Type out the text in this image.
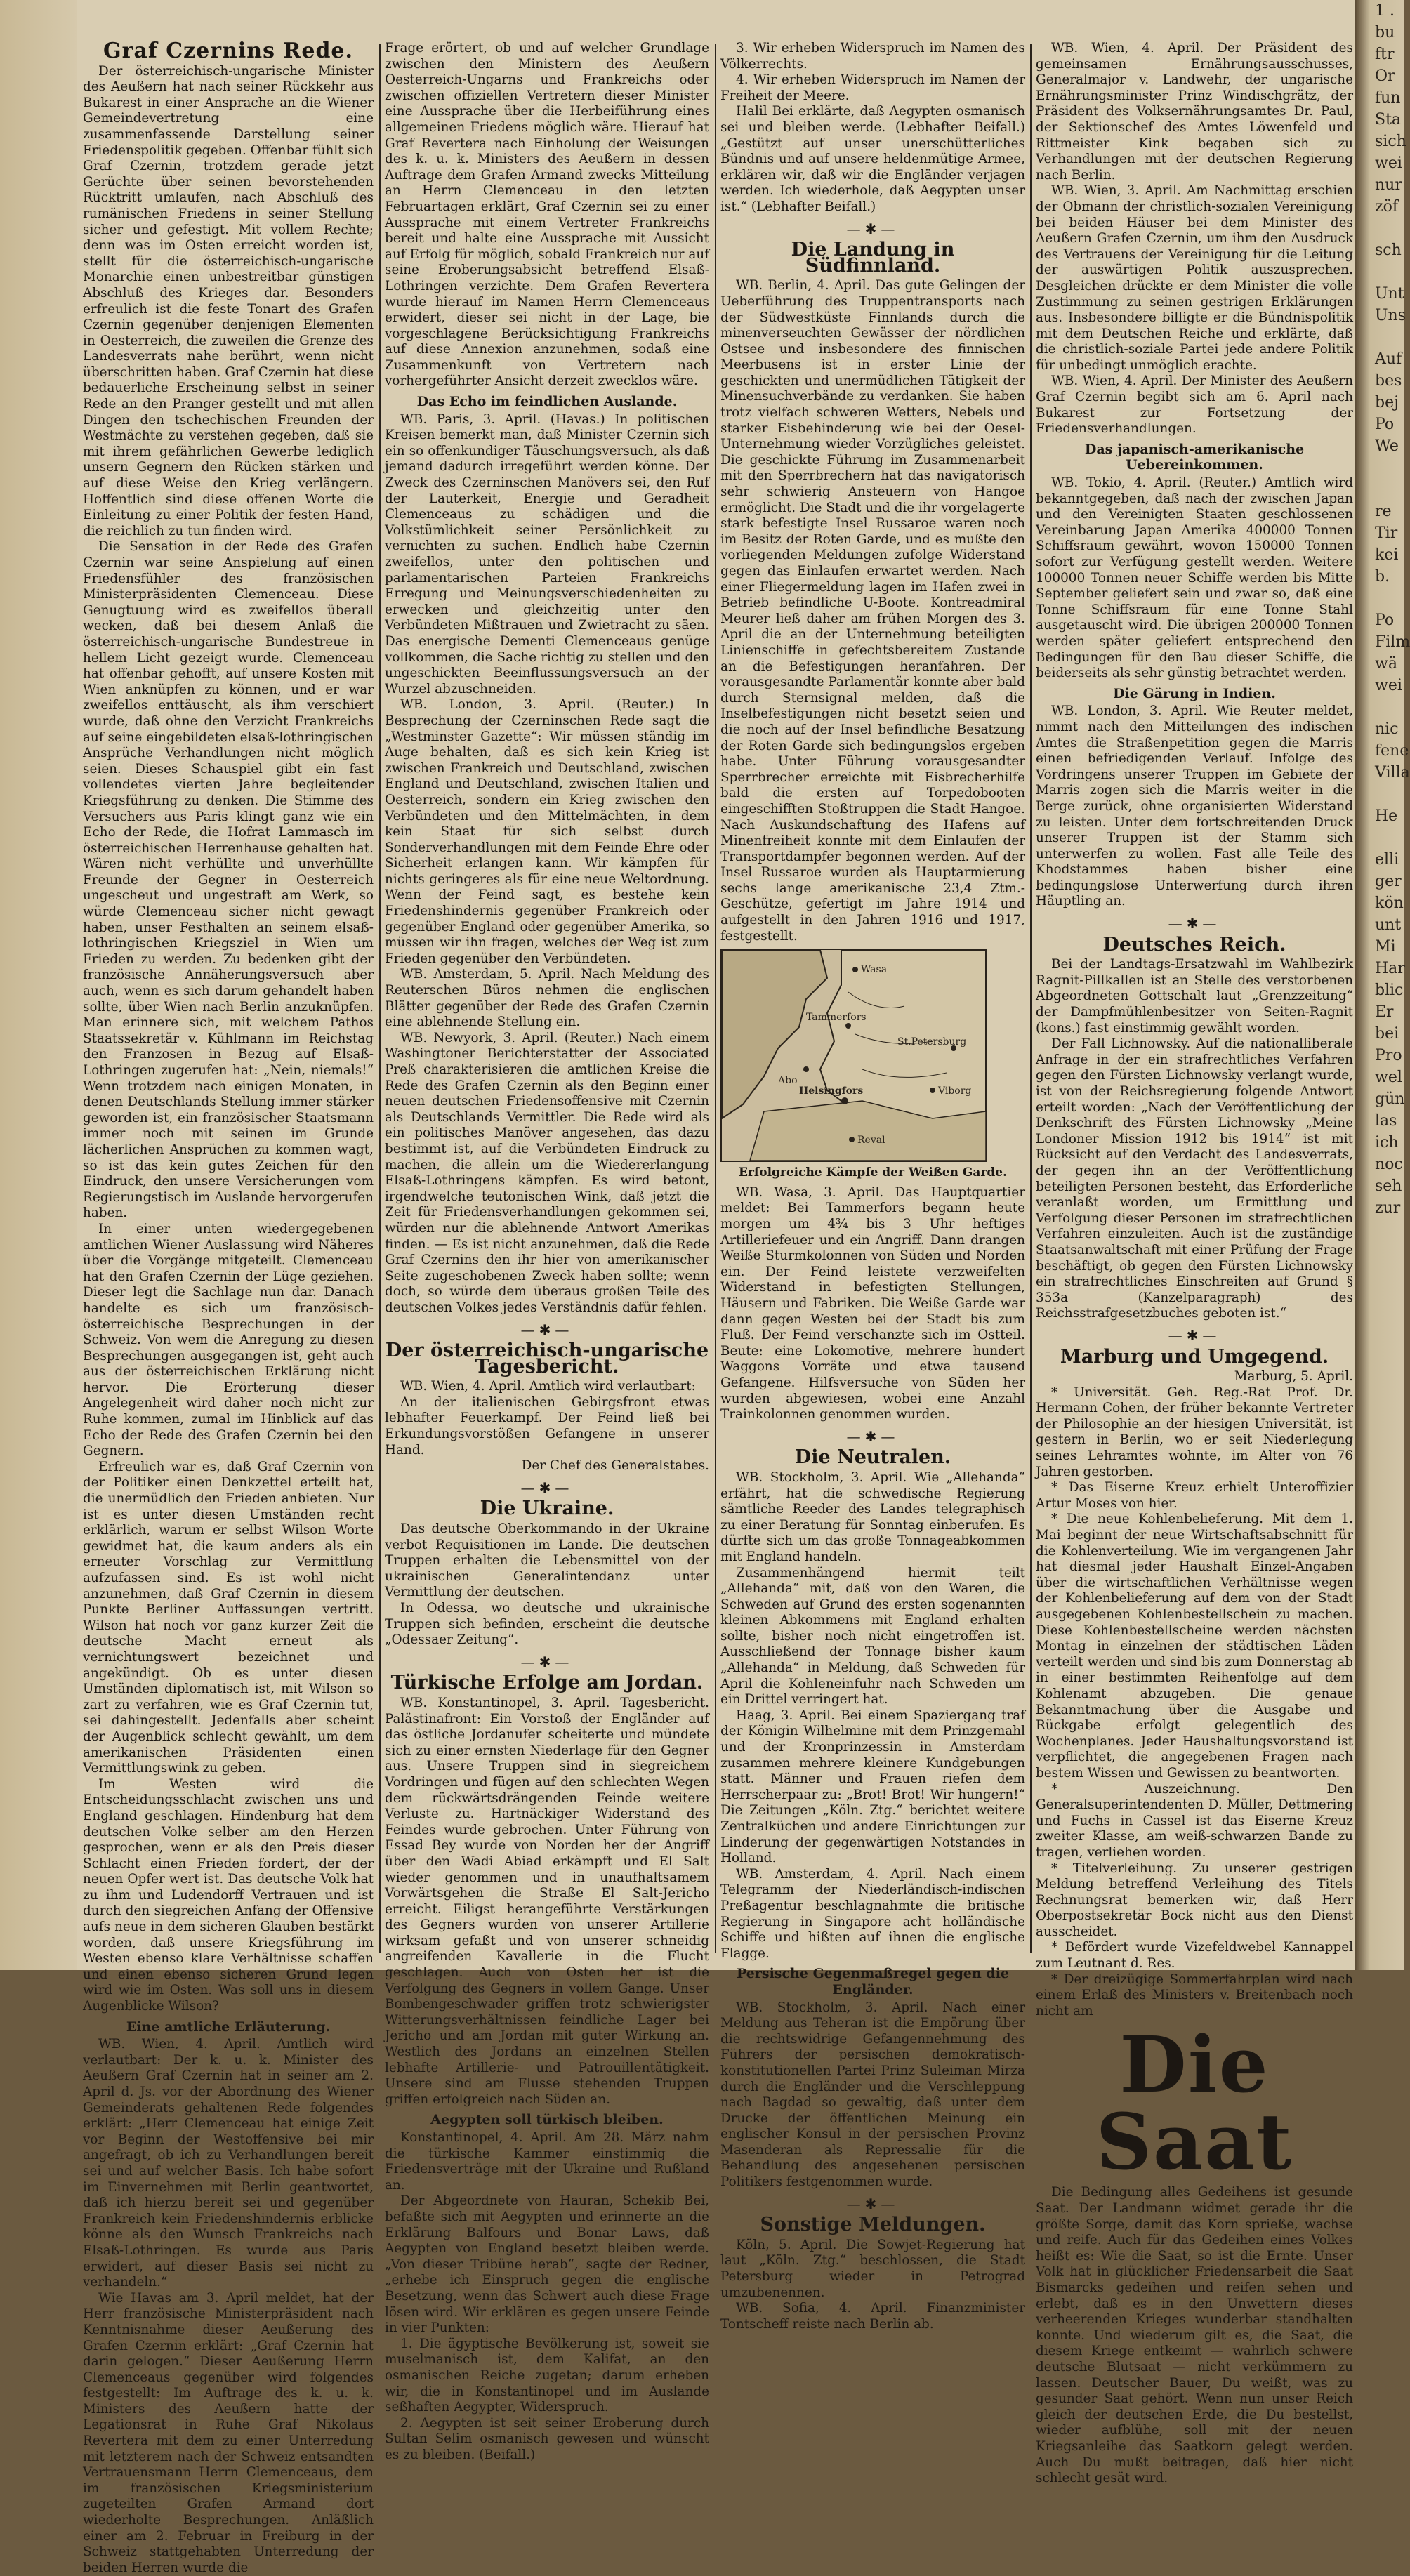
Graf Czernins Rede.

Der österreichisch-ungarische Minister des Aeußern hat nach seiner Rückkehr aus Bukarest in einer Ansprache an die Wiener Gemeindevertretung eine zusammenfassende Darstellung seiner Friedenspolitik gegeben. Offenbar fühlt sich Graf Czernin, trotzdem gerade jetzt Gerüchte über seinen bevorstehenden Rücktritt umlaufen, nach Abschluß des rumänischen Friedens in seiner Stellung sicher und gefestigt. Mit vollem Rechte; denn was im Osten erreicht worden ist, stellt für die österreichisch-ungarische Monarchie einen unbestreitbar günstigen Abschluß des Krieges dar. Besonders erfreulich ist die feste Tonart des Grafen Czernin gegenüber denjenigen Elementen in Oesterreich, die zuweilen die Grenze des Landesverrats nahe berührt, wenn nicht überschritten haben. Graf Czernin hat diese bedauerliche Erscheinung selbst in seiner Rede an den Pranger gestellt und mit allen Dingen den tschechischen Freunden der Westmächte zu verstehen gegeben, daß sie mit ihrem gefährlichen Gewerbe lediglich unsern Gegnern den Rücken stärken und auf diese Weise den Krieg verlängern. Hoffentlich sind diese offenen Worte die Einleitung zu einer Politik der festen Hand, die reichlich zu tun finden wird.

Die Sensation in der Rede des Grafen Czernin war seine Anspielung auf einen Friedensfühler des französischen Ministerpräsidenten Clemenceau. Diese Genugtuung wird es zweifellos überall wecken, daß bei diesem Anlaß die österreichisch-ungarische Bundestreue in hellem Licht gezeigt wurde. Clemenceau hat offenbar gehofft, auf unsere Kosten mit Wien anknüpfen zu können, und er war zweifellos enttäuscht, als ihm verschiert wurde, daß ohne den Verzicht Frankreichs auf seine eingebildeten elsaß-lothringischen Ansprüche Verhandlungen nicht möglich seien. Dieses Schauspiel gibt ein fast vollendetes vierten Jahre begleitender Kriegsführung zu denken. Die Stimme des Versuchers aus Paris klingt ganz wie ein Echo der Rede, die Hofrat Lammasch im österreichischen Herrenhause gehalten hat. Wären nicht verhüllte und unverhüllte Freunde der Gegner in Oesterreich ungescheut und ungestraft am Werk, so würde Clemenceau sicher nicht gewagt haben, unser Festhalten an seinem elsaß-lothringischen Kriegsziel in Wien um Frieden zu werden. Zu bedenken gibt der französische Annäherungsversuch aber auch, wenn es sich darum gehandelt haben sollte, über Wien nach Berlin anzuknüpfen. Man erinnere sich, mit welchem Pathos Staatssekretär v. Kühlmann im Reichstag den Franzosen in Bezug auf Elsaß-Lothringen zugerufen hat: „Nein, niemals!“ Wenn trotzdem nach einigen Monaten, in denen Deutschlands Stellung immer stärker geworden ist, ein französischer Staatsmann immer noch mit seinen im Grunde lächerlichen Ansprüchen zu kommen wagt, so ist das kein gutes Zeichen für den Eindruck, den unsere Versicherungen vom Regierungstisch im Auslande hervorgerufen haben.

In einer unten wiedergegebenen amtlichen Wiener Auslassung wird Näheres über die Vorgänge mitgeteilt. Clemenceau hat den Grafen Czernin der Lüge geziehen. Dieser legt die Sachlage nun dar. Danach handelte es sich um französisch-österreichische Besprechungen in der Schweiz. Von wem die Anregung zu diesen Besprechungen ausgegangen ist, geht auch aus der österreichischen Erklärung nicht hervor. Die Erörterung dieser Angelegenheit wird daher noch nicht zur Ruhe kommen, zumal im Hinblick auf das Echo der Rede des Grafen Czernin bei den Gegnern.

Erfreulich war es, daß Graf Czernin von der Politiker einen Denkzettel erteilt hat, die unermüdlich den Frieden anbieten. Nur ist es unter diesen Umständen recht erklärlich, warum er selbst Wilson Worte gewidmet hat, die kaum anders als ein erneuter Vorschlag zur Vermittlung aufzufassen sind. Es ist wohl nicht anzunehmen, daß Graf Czernin in diesem Punkte Berliner Auffassungen vertritt. Wilson hat noch vor ganz kurzer Zeit die deutsche Macht erneut als vernichtungswert bezeichnet und angekündigt. Ob es unter diesen Umständen diplomatisch ist, mit Wilson so zart zu verfahren, wie es Graf Czernin tut, sei dahingestellt. Jedenfalls aber scheint der Augenblick schlecht gewählt, um dem amerikanischen Präsidenten einen Vermittlungswink zu geben.

Im Westen wird die Entscheidungsschlacht zwischen uns und England geschlagen. Hindenburg hat dem deutschen Volke selber am den Herzen gesprochen, wenn er als den Preis dieser Schlacht einen Frieden fordert, der der neuen Opfer wert ist. Das deutsche Volk hat zu ihm und Ludendorff Vertrauen und ist durch den siegreichen Anfang der Offensive aufs neue in dem sicheren Glauben bestärkt worden, daß unsere Kriegsführung im Westen ebenso klare Verhältnisse schaffen und einen ebenso sicheren Grund legen wird wie im Osten. Was soll uns in diesem Augenblicke Wilson?

Eine amtliche Erläuterung.

WB. Wien, 4. April. Amtlich wird verlautbart: Der k. u. k. Minister des Aeußern Graf Czernin hat in seiner am 2. April d. Js. vor der Abordnung des Wiener Gemeinderats gehaltenen Rede folgendes erklärt: „Herr Clemenceau hat einige Zeit vor Beginn der Westoffensive bei mir angefragt, ob ich zu Verhandlungen bereit sei und auf welcher Basis. Ich habe sofort im Einvernehmen mit Berlin geantwortet, daß ich hierzu bereit sei und gegenüber Frankreich kein Friedenshindernis erblicke könne als den Wunsch Frankreichs nach Elsaß-Lothringen. Es wurde aus Paris erwidert, auf dieser Basis sei nicht zu verhandeln.“

Wie Havas am 3. April meldet, hat der Herr französische Ministerpräsident nach Kenntnisnahme dieser Aeußerung des Grafen Czernin erklärt: „Graf Czernin hat darin gelogen.“ Dieser Aeußerung Herrn Clemenceaus gegenüber wird folgendes festgestellt: Im Auftrage des k. u. k. Ministers des Aeußern hatte der Legationsrat in Ruhe Graf Nikolaus Revertera mit dem zu einer Unterredung mit letzterem nach der Schweiz entsandten Vertrauensmann Herrn Clemenceaus, dem im französischen Kriegsministerium zugeteilten Grafen Armand dort wiederholte Besprechungen. Anläßlich einer am 2. Februar in Freiburg in der Schweiz stattgehabten Unterredung der beiden Herren wurde die

Frage erörtert, ob und auf welcher Grundlage zwischen den Ministern des Aeußern Oesterreich-Ungarns und Frankreichs oder zwischen offiziellen Vertretern dieser Minister eine Aussprache über die Herbeiführung eines allgemeinen Friedens möglich wäre. Hierauf hat Graf Revertera nach Einholung der Weisungen des k. u. k. Ministers des Aeußern in dessen Auftrage dem Grafen Armand zwecks Mitteilung an Herrn Clemenceau in den letzten Februartagen erklärt, Graf Czernin sei zu einer Aussprache mit einem Vertreter Frankreichs bereit und halte eine Aussprache mit Aussicht auf Erfolg für möglich, sobald Frankreich nur auf seine Eroberungsabsicht betreffend Elsaß-Lothringen verzichte. Dem Grafen Revertera wurde hierauf im Namen Herrn Clemenceaus erwidert, dieser sei nicht in der Lage, bie vorgeschlagene Berücksichtigung Frankreichs auf diese Annexion anzunehmen, sodaß eine Zusammenkunft von Vertretern nach vorhergeführter Ansicht derzeit zwecklos wäre.

Das Echo im feindlichen Auslande.

WB. Paris, 3. April. (Havas.) In politischen Kreisen bemerkt man, daß Minister Czernin sich ein so offenkundiger Täuschungsversuch, als daß jemand dadurch irregeführt werden könne. Der Zweck des Czerninschen Manövers sei, den Ruf der Lauterkeit, Energie und Geradheit Clemenceaus zu schädigen und die Volkstümlichkeit seiner Persönlichkeit zu vernichten zu suchen. Endlich habe Czernin zweifellos, unter den politischen und parlamentarischen Parteien Frankreichs Erregung und Meinungsverschiedenheiten zu erwecken und gleichzeitig unter den Verbündeten Mißtrauen und Zwietracht zu säen. Das energische Dementi Clemenceaus genüge vollkommen, die Sache richtig zu stellen und den ungeschickten Beeinflussungsversuch an der Wurzel abzuschneiden.

WB. London, 3. April. (Reuter.) In Besprechung der Czerninschen Rede sagt die „Westminster Gazette“: Wir müssen ständig im Auge behalten, daß es sich kein Krieg ist zwischen Frankreich und Deutschland, zwischen England und Deutschland, zwischen Italien und Oesterreich, sondern ein Krieg zwischen den Verbündeten und den Mittelmächten, in dem kein Staat für sich selbst durch Sonderverhandlungen mit dem Feinde Ehre oder Sicherheit erlangen kann. Wir kämpfen für nichts geringeres als für eine neue Weltordnung. Wenn der Feind sagt, es bestehe kein Friedenshindernis gegenüber Frankreich oder gegenüber England oder gegenüber Amerika, so müssen wir ihn fragen, welches der Weg ist zum Frieden gegenüber den Verbündeten.

WB. Amsterdam, 5. April. Nach Meldung des Reuterschen Büros nehmen die englischen Blätter gegenüber der Rede des Grafen Czernin eine ablehnende Stellung ein.

WB. Newyork, 3. April. (Reuter.) Nach einem Washingtoner Berichterstatter der Associated Preß charakterisieren die amtlichen Kreise die Rede des Grafen Czernin als den Beginn einer neuen deutschen Friedensoffensive mit Czernin als Deutschlands Vermittler. Die Rede wird als ein politisches Manöver angesehen, das dazu bestimmt ist, auf die Verbündeten Eindruck zu machen, die allein um die Wiedererlangung Elsaß-Lothringens kämpfen. Es wird betont, irgendwelche teutonischen Wink, daß jetzt die Zeit für Friedensverhandlungen gekommen sei, würden nur die ablehnende Antwort Amerikas finden. — Es ist nicht anzunehmen, daß die Rede Graf Czernins den ihr hier von amerikanischer Seite zugeschobenen Zweck haben sollte; wenn doch, so würde dem überaus großen Teile des deutschen Volkes jedes Verständnis dafür fehlen.

—✱—
Der österreichisch-ungarische Tagesbericht.

WB. Wien, 4. April. Amtlich wird verlautbart:

An der italienischen Gebirgsfront etwas lebhafter Feuerkampf. Der Feind ließ bei Erkundungsvorstößen Gefangene in unserer Hand.

Der Chef des Generalstabes.

—✱—
Die Ukraine.

Das deutsche Oberkommando in der Ukraine verbot Requisitionen im Lande. Die deutschen Truppen erhalten die Lebensmittel von der ukrainischen Generalintendanz unter Vermittlung der deutschen.

In Odessa, wo deutsche und ukrainische Truppen sich befinden, erscheint die deutsche „Odessaer Zeitung“.

—✱—
Türkische Erfolge am Jordan.

WB. Konstantinopel, 3. April. Tagesbericht. Palästinafront: Ein Vorstoß der Engländer auf das östliche Jordanufer scheiterte und mündete sich zu einer ernsten Niederlage für den Gegner aus. Unsere Truppen sind in siegreichem Vordringen und fügen auf den schlechten Wegen dem rückwärtsdrängenden Feinde weitere Verluste zu. Hartnäckiger Widerstand des Feindes wurde gebrochen. Unter Führung von Essad Bey wurde von Norden her der Angriff über den Wadi Abiad erkämpft und El Salt wieder genommen und in unaufhaltsamem Vorwärtsgehen die Straße El Salt-Jericho erreicht. Eiligst herangeführte Verstärkungen des Gegners wurden von unserer Artillerie wirksam gefaßt und von unserer schneidig angreifenden Kavallerie in die Flucht geschlagen. Auch von Osten her ist die Verfolgung des Gegners in vollem Gange. Unser Bombengeschwader griffen trotz schwierigster Witterungsverhältnissen feindliche Lager bei Jericho und am Jordan mit guter Wirkung an. Westlich des Jordans an einzelnen Stellen lebhafte Artillerie- und Patrouillentätigkeit. Unsere sind am Flusse stehenden Truppen griffen erfolgreich nach Süden an.

Aegypten soll türkisch bleiben.

Konstantinopel, 4. April. Am 28. März nahm die türkische Kammer einstimmig die Friedensverträge mit der Ukraine und Rußland an.

Der Abgeordnete von Hauran, Schekib Bei, befaßte sich mit Aegypten und erinnerte an die Erklärung Balfours und Bonar Laws, daß Aegypten von England besetzt bleiben werde. „Von dieser Tribüne herab“, sagte der Redner, „erhebe ich Einspruch gegen die englische Besetzung, wenn das Schwert auch diese Frage lösen wird. Wir erklären es gegen unsere Feinde in vier Punkten:

1. Die ägyptische Bevölkerung ist, soweit sie muselmanisch ist, dem Kalifat, an den osmanischen Reiche zugetan; darum erheben wir, die in Konstantinopel und im Auslande seßhaften Aegypter, Widerspruch.

2. Aegypten ist seit seiner Eroberung durch Sultan Selim osmanisch gewesen und wünscht es zu bleiben. (Beifall.)

3. Wir erheben Widerspruch im Namen des Völkerrechts.

4. Wir erheben Widerspruch im Namen der Freiheit der Meere.

Halil Bei erklärte, daß Aegypten osmanisch sei und bleiben werde. (Lebhafter Beifall.) „Gestützt auf unser unerschütterliches Bündnis und auf unsere heldenmütige Armee, erklären wir, daß wir die Engländer verjagen werden. Ich wiederhole, daß Aegypten unser ist.“ (Lebhafter Beifall.)

—✱—
Die Landung in Südfinnland.

WB. Berlin, 4. April. Das gute Gelingen der Ueberführung des Truppentransports nach der Südwestküste Finnlands durch die minenverseuchten Gewässer der nördlichen Ostsee und insbesondere des finnischen Meerbusens ist in erster Linie der geschickten und unermüdlichen Tätigkeit der Minensuchverbände zu verdanken. Sie haben trotz vielfach schweren Wetters, Nebels und starker Eisbehinderung wie bei der Oesel-Unternehmung wieder Vorzügliches geleistet. Die geschickte Führung im Zusammenarbeit mit den Sperrbrechern hat das navigatorisch sehr schwierig Ansteuern von Hangoe ermöglicht. Die Stadt und die ihr vorgelagerte stark befestigte Insel Russaroe waren noch im Besitz der Roten Garde, und es mußte den vorliegenden Meldungen zufolge Widerstand gegen das Einlaufen erwartet werden. Nach einer Fliegermeldung lagen im Hafen zwei in Betrieb befindliche U-Boote. Kontreadmiral Meurer ließ daher am frühen Morgen des 3. April die an der Unternehmung beteiligten Linienschiffe in gefechtsbereitem Zustande an die Befestigungen heranfahren. Der vorausgesandte Parlamentär konnte aber bald durch Sternsignal melden, daß die Inselbefestigungen nicht besetzt seien und die noch auf der Insel befindliche Besatzung der Roten Garde sich bedingungslos ergeben habe. Unter Führung vorausgesandter Sperrbrecher erreichte mit Eisbrecherhilfe bald die ersten auf Torpedobooten eingeschifften Stoßtruppen die Stadt Hangoe. Nach Auskundschaftung des Hafens auf Minenfreiheit konnte mit dem Einlaufen der Transportdampfer begonnen werden. Auf der Insel Russaroe wurden als Hauptarmierung sechs lange amerikanische 23,4 Ztm.-Geschütze, gefertigt im Jahre 1914 und aufgestellt in den Jahren 1916 und 1917, festgestellt.

Wasa
Tammerfors
Helsingfors	Viborg
Reval
St.Petersburg
Abo
Erfolgreiche Kämpfe der Weißen Garde.

WB. Wasa, 3. April. Das Hauptquartier meldet: Bei Tammerfors begann heute morgen um 4¾ bis 3 Uhr heftiges Artilleriefeuer und ein Angriff. Dann drangen Weiße Sturmkolonnen von Süden und Norden ein. Der Feind leistete verzweifelten Widerstand in befestigten Stellungen, Häusern und Fabriken. Die Weiße Garde war dann gegen Westen bei der Stadt bis zum Fluß. Der Feind verschanzte sich im Ostteil. Beute: eine Lokomotive, mehrere hundert Waggons Vorräte und etwa tausend Gefangene. Hilfsversuche von Süden her wurden abgewiesen, wobei eine Anzahl Trainkolonnen genommen wurden.

—✱—
Die Neutralen.

WB. Stockholm, 3. April. Wie „Allehanda“ erfährt, hat die schwedische Regierung sämtliche Reeder des Landes telegraphisch zu einer Beratung für Sonntag einberufen. Es dürfte sich um das große Tonnageabkommen mit England handeln.

Zusammenhängend hiermit teilt „Allehanda“ mit, daß von den Waren, die Schweden auf Grund des ersten sogenannten kleinen Abkommens mit England erhalten sollte, bisher noch nicht eingetroffen ist. Ausschließend der Tonnage bisher kaum „Allehanda“ in Meldung, daß Schweden für April die Kohleneinfuhr nach Schweden um ein Drittel verringert hat.

Haag, 3. April. Bei einem Spaziergang traf der Königin Wilhelmine mit dem Prinzgemahl und der Kronprinzessin in Amsterdam zusammen mehrere kleinere Kundgebungen statt. Männer und Frauen riefen dem Herrscherpaar zu: „Brot! Brot! Wir hungern!“ Die Zeitungen „Köln. Ztg.“ berichtet weitere Zentralküchen und andere Einrichtungen zur Linderung der gegenwärtigen Notstandes in Holland.

WB. Amsterdam, 4. April. Nach einem Telegramm der Niederländisch-indischen Preßagentur beschlagnahmte die britische Regierung in Singapore acht holländische Schiffe und hißten auf ihnen die englische Flagge.

Persische Gegenmaßregel gegen die Engländer.

WB. Stockholm, 3. April. Nach einer Meldung aus Teheran ist die Empörung über die rechtswidrige Gefangennehmung des Führers der persischen demokratisch-konstitutionellen Partei Prinz Suleiman Mirza durch die Engländer und die Verschleppung nach Bagdad so gewaltig, daß unter dem Drucke der öffentlichen Meinung ein englischer Konsul in der persischen Provinz Masenderan als Repressalie für die Behandlung des angesehenen persischen Politikers festgenommen wurde.

—✱—
Sonstige Meldungen.

Köln, 5. April. Die Sowjet-Regierung hat laut „Köln. Ztg.“ beschlossen, die Stadt Petersburg wieder in Petrograd umzubenennen.

WB. Sofia, 4. April. Finanzminister Tontscheff reiste nach Berlin ab.

WB. Wien, 4. April. Der Präsident des gemeinsamen Ernährungsausschusses, Generalmajor v. Landwehr, der ungarische Ernährungsminister Prinz Windischgrätz, der Präsident des Volksernährungsamtes Dr. Paul, der Sektionschef des Amtes Löwenfeld und Rittmeister Kink begaben sich zu Verhandlungen mit der deutschen Regierung nach Berlin.

WB. Wien, 3. April. Am Nachmittag erschien der Obmann der christlich-sozialen Vereinigung bei beiden Häuser bei dem Minister des Aeußern Grafen Czernin, um ihm den Ausdruck des Vertrauens der Vereinigung für die Leitung der auswärtigen Politik auszusprechen. Desgleichen drückte er dem Minister die volle Zustimmung zu seinen gestrigen Erklärungen aus. Insbesondere billigte er die Bündnispolitik mit dem Deutschen Reiche und erklärte, daß die christlich-soziale Partei jede andere Politik für unbedingt unmöglich erachte.

WB. Wien, 4. April. Der Minister des Aeußern Graf Czernin begibt sich am 6. April nach Bukarest zur Fortsetzung der Friedensverhandlungen.

Das japanisch-amerikanische Uebereinkommen.

WB. Tokio, 4. April. (Reuter.) Amtlich wird bekanntgegeben, daß nach der zwischen Japan und den Vereinigten Staaten geschlossenen Vereinbarung Japan Amerika 400000 Tonnen Schiffsraum gewährt, wovon 150000 Tonnen sofort zur Verfügung gestellt werden. Weitere 100000 Tonnen neuer Schiffe werden bis Mitte September geliefert sein und zwar so, daß eine Tonne Schiffsraum für eine Tonne Stahl ausgetauscht wird. Die übrigen 200000 Tonnen werden später geliefert entsprechend den Bedingungen für den Bau dieser Schiffe, die beiderseits als sehr günstig betrachtet werden.

Die Gärung in Indien.

WB. London, 3. April. Wie Reuter meldet, nimmt nach den Mitteilungen des indischen Amtes die Straßenpetition gegen die Marris einen befriedigenden Verlauf. Infolge des Vordringens unserer Truppen im Gebiete der Marris zogen sich die Marris weiter in die Berge zurück, ohne organisierten Widerstand zu leisten. Unter dem fortschreitenden Druck unserer Truppen ist der Stamm sich unterwerfen zu wollen. Fast alle Teile des Khodstammes haben bisher eine bedingungslose Unterwerfung durch ihren Häuptling an.

—✱—
Deutsches Reich.

Bei der Landtags-Ersatzwahl im Wahlbezirk Ragnit-Pillkallen ist an Stelle des verstorbenen Abgeordneten Gottschalt laut „Grenzzeitung“ der Dampfmühlenbesitzer von Seiten-Ragnit (kons.) fast einstimmig gewählt worden.

Der Fall Lichnowsky. Auf die nationalliberale Anfrage in der ein strafrechtliches Verfahren gegen den Fürsten Lichnowsky verlangt wurde, ist von der Reichsregierung folgende Antwort erteilt worden: „Nach der Veröffentlichung der Denkschrift des Fürsten Lichnowsky „Meine Londoner Mission 1912 bis 1914“ ist mit Rücksicht auf den Verdacht des Landesverrats, der gegen ihn an der Veröffentlichung beteiligten Personen besteht, das Erforderliche veranlaßt worden, um Ermittlung und Verfolgung dieser Personen im strafrechtlichen Verfahren einzuleiten. Auch ist die zuständige Staatsanwaltschaft mit einer Prüfung der Frage beschäftigt, ob gegen den Fürsten Lichnowsky ein strafrechtliches Einschreiten auf Grund § 353a (Kanzelparagraph) des Reichsstrafgesetzbuches geboten ist.“

—✱—
Marburg und Umgegend.

Marburg, 5. April.

* Universität. Geh. Reg.-Rat Prof. Dr. Hermann Cohen, der früher bekannte Vertreter der Philosophie an der hiesigen Universität, ist gestern in Berlin, wo er seit Niederlegung seines Lehramtes wohnte, im Alter von 76 Jahren gestorben.

* Das Eiserne Kreuz erhielt Unteroffizier Artur Moses von hier.

* Die neue Kohlenbelieferung. Mit dem 1. Mai beginnt der neue Wirtschaftsabschnitt für die Kohlenverteilung. Wie im vergangenen Jahr hat diesmal jeder Haushalt Einzel-Angaben über die wirtschaftlichen Verhältnisse wegen der Kohlenbelieferung auf dem von der Stadt ausgegebenen Kohlenbestellschein zu machen. Diese Kohlenbestellscheine werden nächsten Montag in einzelnen der städtischen Läden verteilt werden und sind bis zum Donnerstag ab in einer bestimmten Reihenfolge auf dem Kohlenamt abzugeben. Die genaue Bekanntmachung über die Ausgabe und Rückgabe erfolgt gelegentlich des Wochenplanes. Jeder Haushaltungsvorstand ist verpflichtet, die angegebenen Fragen nach bestem Wissen und Gewissen zu beantworten.

* Auszeichnung. Den Generalsuperintendenten D. Müller, Dettmering und Fuchs in Cassel ist das Eiserne Kreuz zweiter Klasse, am weiß-schwarzen Bande zu tragen, verliehen worden.

* Titelverleihung. Zu unserer gestrigen Meldung betreffend Verleihung des Titels Rechnungsrat bemerken wir, daß Herr Oberpostsekretär Bock nicht aus den Dienst ausscheidet.

* Befördert wurde Vizefeldwebel Kannappel zum Leutnant d. Res.

* Der dreizügige Sommerfahrplan wird nach einem Erlaß des Ministers v. Breitenbach noch nicht am

Die Saat

Die Bedingung alles Gedeihens ist gesunde Saat. Der Landmann widmet gerade ihr die größte Sorge, damit das Korn sprieße, wachse und reife. Auch für das Gedeihen eines Volkes heißt es: Wie die Saat, so ist die Ernte. Unser Volk hat in glücklicher Friedensarbeit die Saat Bismarcks gedeihen und reifen sehen und erlebt, daß es in den Unwettern dieses verheerenden Krieges wunderbar standhalten konnte. Und wiederum gilt es, die Saat, die diesem Kriege entkeimt — wahrlich schwere deutsche Blutsaat — nicht verkümmern zu lassen. Deutscher Bauer, Du weißt, was zu gesunder Saat gehört. Wenn nun unser Reich gleich der deutschen Erde, die Du bestellst, wieder aufblühe, soll mit der neuen Kriegsanleihe das Saatkorn gelegt werden. Auch Du mußt beitragen, daß hier nicht schlecht gesät wird.

1 .
bu
ftr
Or
fun
Sta
sich
wei
nur
zöf

sch

Unt
Uns

Auf
bes
bej
Po
We

re
Tir
kei
b.

Po
Film
wä
wei

nic
fene
Villa

He

elli
ger
kön
unt
Mi
Har
blic
Er
bei
Pro
wel
gün
las
ich
noc
seh
zur
